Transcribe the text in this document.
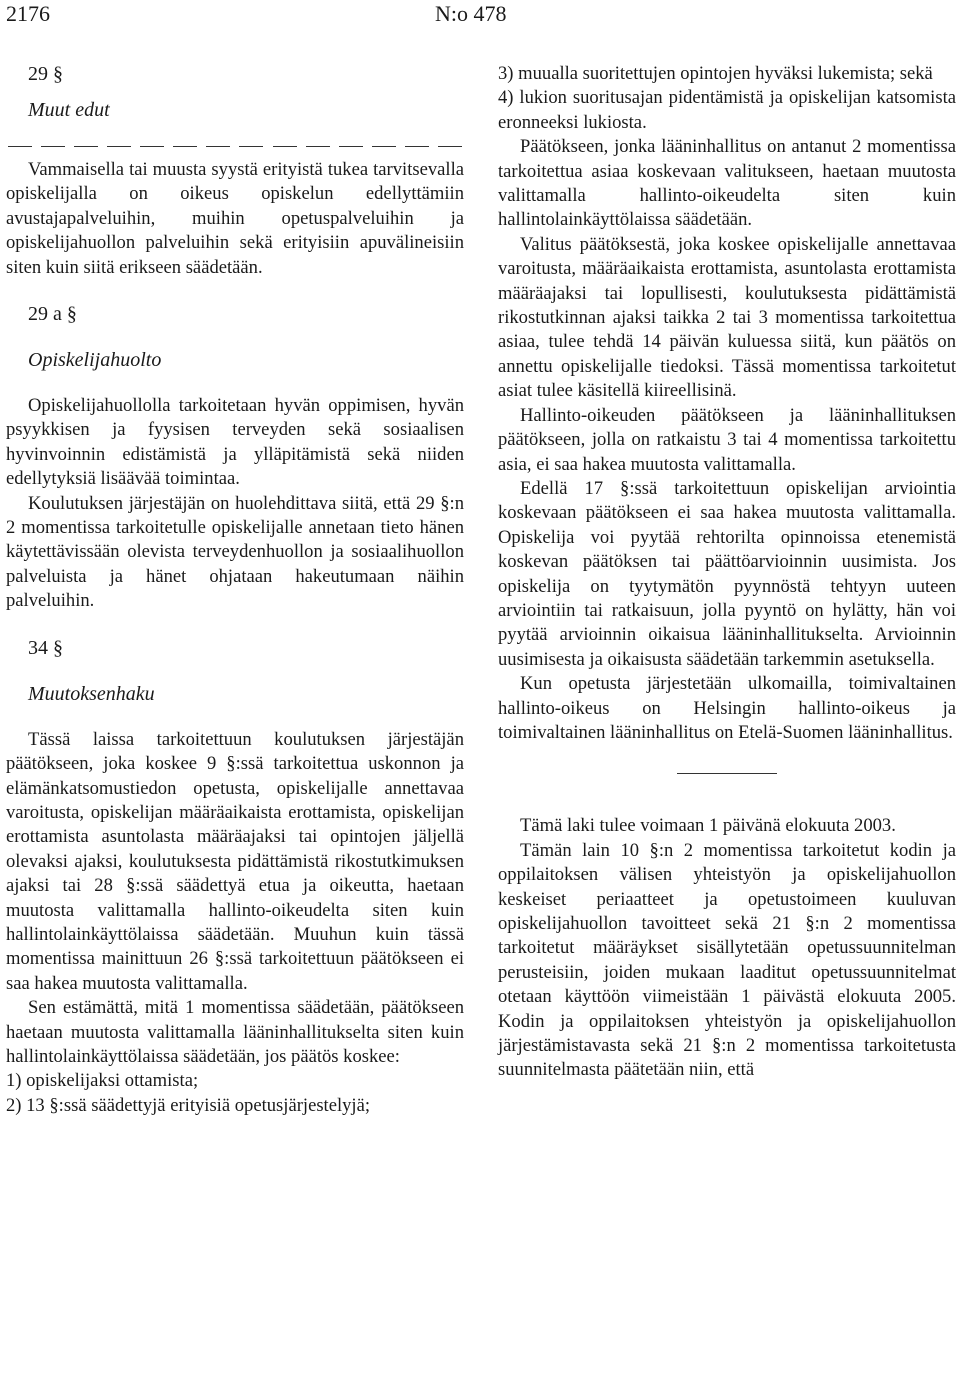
2176	N:o 478

29 §

Muut edut

Vammaisella tai muusta syystä erityistä tukea tarvitsevalla opiskelijalla on oikeus opiskelun edellyttämiin avustajapalveluihin, muihin opetuspalveluihin ja opiskelijahuollon palveluihin sekä erityisiin apuvälineisiin siten kuin siitä erikseen säädetään.

29 a §

Opiskelijahuolto

Opiskelijahuollolla tarkoitetaan hyvän oppimisen, hyvän psyykkisen ja fyysisen terveyden sekä sosiaalisen hyvinvoinnin edistämistä ja ylläpitämistä sekä niiden edellytyksiä lisäävää toimintaa.

Koulutuksen järjestäjän on huolehdittava siitä, että 29 §:n 2 momentissa tarkoitetulle opiskelijalle annetaan tieto hänen käytettävissään olevista terveydenhuollon ja sosiaalihuollon palveluista ja hänet ohjataan hakeutumaan näihin palveluihin.

34 §

Muutoksenhaku

Tässä laissa tarkoitettuun koulutuksen järjestäjän päätökseen, joka koskee 9 §:ssä tarkoitettua uskonnon ja elämänkatsomustiedon opetusta, opiskelijalle annettavaa varoitusta, opiskelijan määräaikaista erottamista, opiskelijan erottamista asuntolasta määräajaksi tai opintojen jäljellä olevaksi ajaksi, koulutuksesta pidättämistä rikostutkimuksen ajaksi tai 28 §:ssä säädettyä etua ja oikeutta, haetaan muutosta valittamalla hallinto-oikeudelta siten kuin hallintolainkäyttölaissa säädetään. Muuhun kuin tässä momentissa mainittuun 26 §:ssä tarkoitettuun päätökseen ei saa hakea muutosta valittamalla.

Sen estämättä, mitä 1 momentissa säädetään, päätökseen haetaan muutosta valittamalla lääninhallitukselta siten kuin hallintolainkäyttölaissa säädetään, jos päätös koskee:

1) opiskelijaksi ottamista;

2) 13 §:ssä säädettyjä erityisiä opetusjärjestelyjä;

3) muualla suoritettujen opintojen hyväksi lukemista; sekä

4) lukion suoritusajan pidentämistä ja opiskelijan katsomista eronneeksi lukiosta.

Päätökseen, jonka lääninhallitus on antanut 2 momentissa tarkoitettua asiaa koskevaan valitukseen, haetaan muutosta valittamalla hallinto-oikeudelta siten kuin hallintolainkäyttölaissa säädetään.

Valitus päätöksestä, joka koskee opiskelijalle annettavaa varoitusta, määräaikaista erottamista, asuntolasta erottamista määräajaksi tai lopullisesti, koulutuksesta pidättämistä rikostutkinnan ajaksi taikka 2 tai 3 momentissa tarkoitettua asiaa, tulee tehdä 14 päivän kuluessa siitä, kun päätös on annettu opiskelijalle tiedoksi. Tässä momentissa tarkoitetut asiat tulee käsitellä kiireellisinä.

Hallinto-oikeuden päätökseen ja lääninhallituksen päätökseen, jolla on ratkaistu 3 tai 4 momentissa tarkoitettu asia, ei saa hakea muutosta valittamalla.

Edellä 17 §:ssä tarkoitettuun opiskelijan arviointia koskevaan päätökseen ei saa hakea muutosta valittamalla. Opiskelija voi pyytää rehtorilta opinnoissa etenemistä koskevan päätöksen tai päättöarvioinnin uusimista. Jos opiskelija on tyytymätön pyynnöstä tehtyyn uuteen arviointiin tai ratkaisuun, jolla pyyntö on hylätty, hän voi pyytää arvioinnin oikaisua lääninhallitukselta. Arvioinnin uusimisesta ja oikaisusta säädetään tarkemmin asetuksella.

Kun opetusta järjestetään ulkomailla, toimivaltainen hallinto-oikeus on Helsingin hallinto-oikeus ja toimivaltainen lääninhallitus on Etelä-Suomen lääninhallitus.

Tämä laki tulee voimaan 1 päivänä elokuuta 2003.

Tämän lain 10 §:n 2 momentissa tarkoitetut kodin ja oppilaitoksen välisen yhteistyön ja opiskelijahuollon keskeiset periaatteet ja opetustoimeen kuuluvan opiskelijahuollon tavoitteet sekä 21 §:n 2 momentissa tarkoitetut määräykset sisällytetään opetussuunnitelman perusteisiin, joiden mukaan laaditut opetussuunnitelmat otetaan käyttöön viimeistään 1 päivästä elokuuta 2005. Kodin ja oppilaitoksen yhteistyön ja opiskelijahuollon järjestämistavasta sekä 21 §:n 2 momentissa tarkoitetusta suunnitelmasta päätetään niin, että
